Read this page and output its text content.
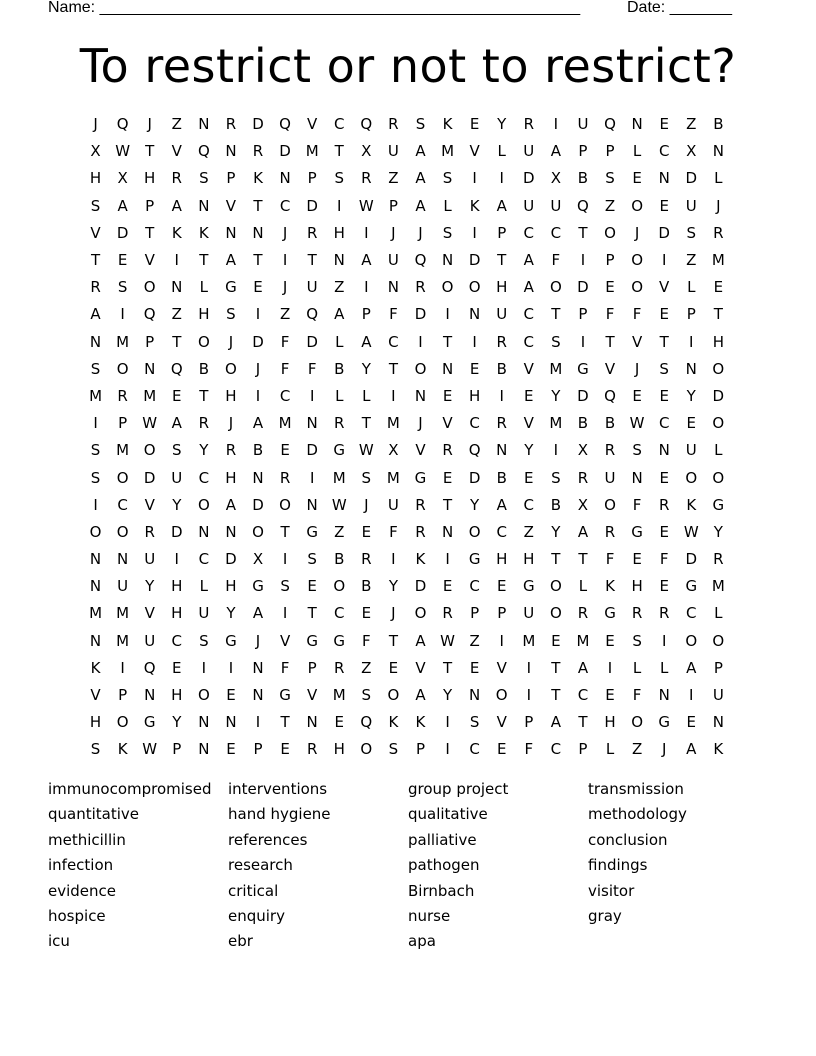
Name: ______________________________________________________	Date: _______
To restrict or not to restrict?
J	Q	J	Z	N	R	D	Q	V	C	Q	R	S	K	E	Y	R	I	U	Q	N	E	Z	B
X W	T	V	Q	N	R	D M	T	X	U	A	M	V	L	U	A	P	P	L	C	X	N
H	X	H	R	S	P	K	N	P	S	R	Z	A	S	I	I	D	X	B	S	E	N	D	L
S	A	P	A	N	V	T	C	D	I	W	P	A	L	K	A	U	U	Q	Z	O	E	U	J
V	D	T	K	K	N	N	J	R	H	I	J	J	S	I	P	C	C	T	O	J	D	S	R
T	E	V	I	T	A	T	I	T	N	A	U	Q	N	D	T	A	F	I	P	O	I	Z	M
R	S	O	N	L	G	E	J	U	Z	I	N	R	O	O	H	A	O	D	E	O	V	L	E
A	I	Q	Z	H	S	I	Z	Q	A	P	F	D	I	N	U	C	T	P	F	F	E	P	T
N M	P	T	O	J	D	F	D	L	A	C	I	T	I	R	C	S	I	T	V	T	I	H
S	O	N	Q	B	O	J	F	F	B	Y	T	O	N	E	B	V	M G	V	J	S	N	O
M	R	M	E	T	H	I	C	I	L	L	I	N	E	H	I	E	Y	D	Q	E	E	Y	D
I	P	W A	R	J	A	M N	R	T	M	J	V	C	R	V	M	B	B W C	E	O
S	M O	S	Y	R	B	E	D	G W X	V	R	Q	N	Y	I	X	R	S	N	U	L
S	O	D	U	C	H	N	R	I	M	S	M G	E	D	B	E	S	R	U	N	E	O	O
I	C	V	Y	O	A	D	O	N W	J	U	R	T	Y	A	C	B	X	O	F	R	K	G
O	O	R	D	N	N	O	T	G	Z	E	F	R	N	O	C	Z	Y	A	R	G	E W	Y
N	N	U	I	C	D	X	I	S	B	R	I	K	I	G	H	H	T	T	F	E	F	D	R
N	U	Y	H	L	H	G	S	E	O	B	Y	D	E	C	E	G	O	L	K	H	E	G M
M M	V	H	U	Y	A	I	T	C	E	J	O	R	P	P	U	O	R	G	R	R	C	L
N M	U	C	S	G	J	V	G	G	F	T	A W Z	I	M	E	M	E	S	I	O	O
K	I	Q	E	I	I	N	F	P	R	Z	E	V	T	E	V	I	T	A	I	L	L	A	P
V	P	N	H	O	E	N	G	V	M	S	O	A	Y	N	O	I	T	C	E	F	N	I	U
H	O	G	Y	N	N	I	T	N	E	Q	K	K	I	S	V	P	A	T	H	O	G	E	N
S	K W	P	N	E	P	E	R	H	O	S	P	I	C	E	F	C	P	L	Z	J	A	K
immunocompromised
quantitative
methicillin
infection
evidence
hospice
icu
interventions
hand hygiene
references
research
critical
enquiry
ebr
group project
qualitative
palliative
pathogen
Birnbach
nurse
apa
transmission
methodology
conclusion
findings
visitor
gray
